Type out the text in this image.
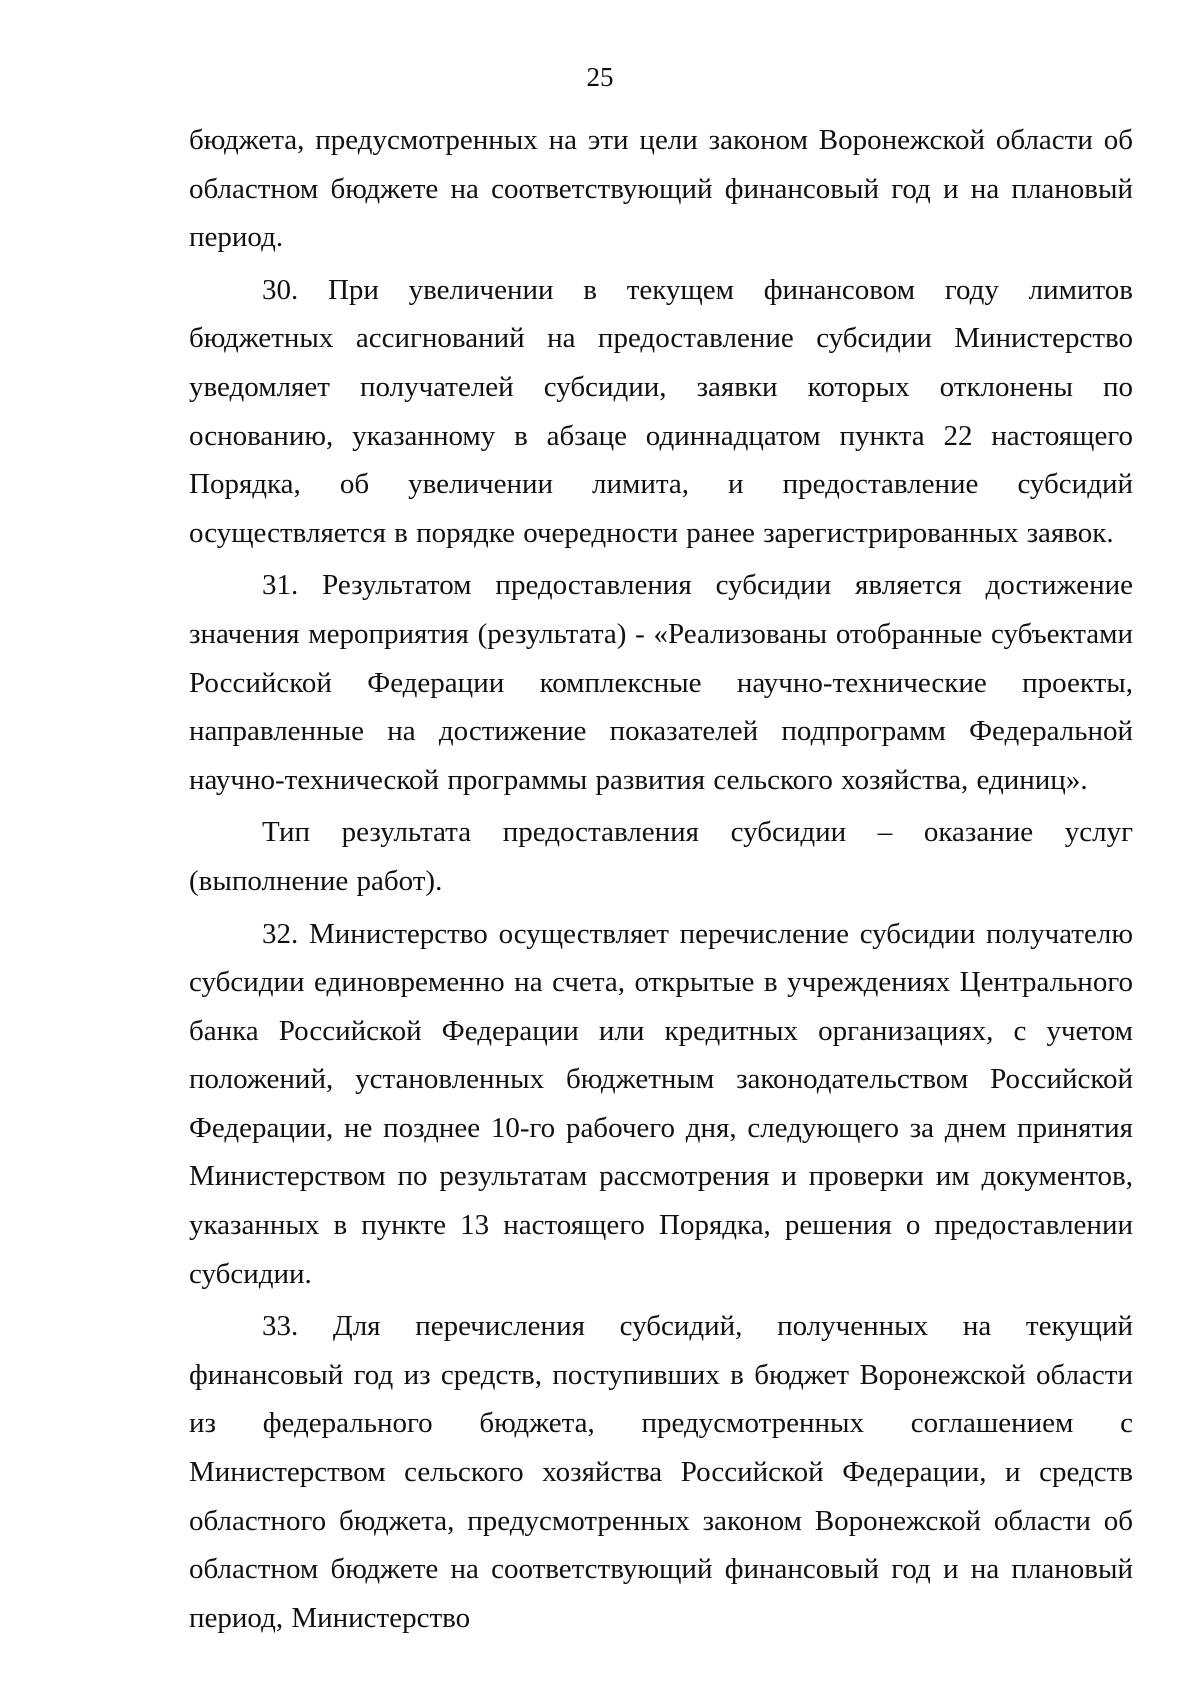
25

бюджета, предусмотренных на эти цели законом Воронежской области об областном бюджете на соответствующий финансовый год и на плановый период.

30. При увеличении в текущем финансовом году лимитов бюджетных ассигнований на предоставление субсидии Министерство уведомляет получателей субсидии, заявки которых отклонены по основанию, указанному в абзаце одиннадцатом пункта 22 настоящего Порядка, об увеличении лимита, и предоставление субсидий осуществляется в порядке очередности ранее зарегистрированных заявок.

31. Результатом предоставления субсидии является достижение значения мероприятия (результата) - «Реализованы отобранные субъектами Российской Федерации комплексные научно-технические проекты, направленные на достижение показателей подпрограмм Федеральной научно-технической программы развития сельского хозяйства, единиц».

Тип результата предоставления субсидии – оказание услуг (выполнение работ).

32. Министерство осуществляет перечисление субсидии получателю субсидии единовременно на счета, открытые в учреждениях Центрального банка Российской Федерации или кредитных организациях, с учетом положений, установленных бюджетным законодательством Российской Федерации, не позднее 10-го рабочего дня, следующего за днем принятия Министерством по результатам рассмотрения и проверки им документов, указанных в пункте 13 настоящего Порядка, решения о предоставлении субсидии.

33. Для перечисления субсидий, полученных на текущий финансовый год из средств, поступивших в бюджет Воронежской области из федерального бюджета, предусмотренных соглашением с Министерством сельского хозяйства Российской Федерации, и средств областного бюджета, предусмотренных законом Воронежской области об областном бюджете на соответствующий финансовый год и на плановый период, Министерство
